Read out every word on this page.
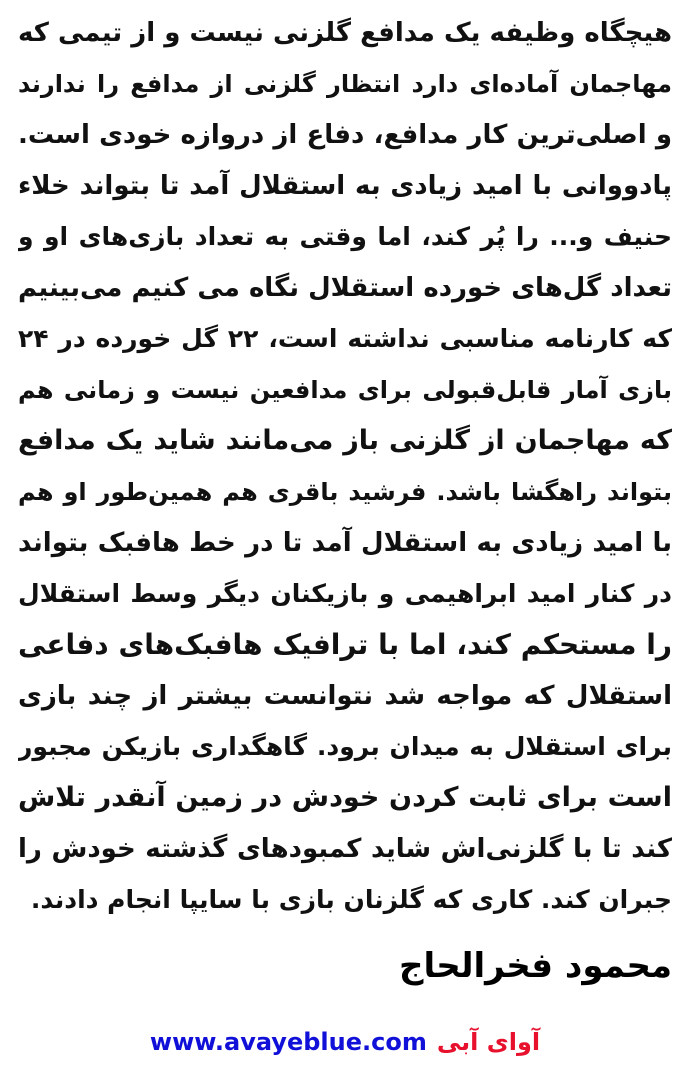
هیچگاه وظیفه یک مدافع گلزنی نیست و از تیمی که
مهاجمان آماده‌ای دارد انتظار گلزنی از مدافع را ندارند
و اصلی‌ترین کار مدافع، دفاع از دروازه خودی است.
پادووانی با امید زیادی به استقلال آمد تا بتواند خلاء
حنیف و... را پُر کند، اما وقتی به تعداد بازی‌های او و
تعداد گل‌های خورده استقلال نگاه می کنیم می‌بینیم
که کارنامه مناسبی نداشته است، ۲۲ گل خورده در ۲۴
بازی آمار قابل‌قبولی برای مدافعین نیست و زمانی هم
که مهاجمان از گلزنی باز می‌مانند شاید یک مدافع
بتواند راهگشا باشد. فرشید باقری هم همین‌طور او هم
با امید زیادی به استقلال آمد تا در خط هافبک بتواند
در کنار امید ابراهیمی و بازیکنان دیگر وسط استقلال
را مستحکم کند، اما با ترافیک هافبک‌های دفاعی
استقلال که مواجه شد نتوانست بیشتر از چند بازی
برای استقلال به میدان برود. گاهگداری بازیکن مجبور
است برای ثابت کردن خودش در زمین آنقدر تلاش
کند تا با گلزنی‌اش شاید کمبودهای گذشته خودش را
جبران کند. کاری که گلزنان بازی با سایپا انجام دادند.
محمود فخرالحاج
www.avayeblue.com آوای آبی
